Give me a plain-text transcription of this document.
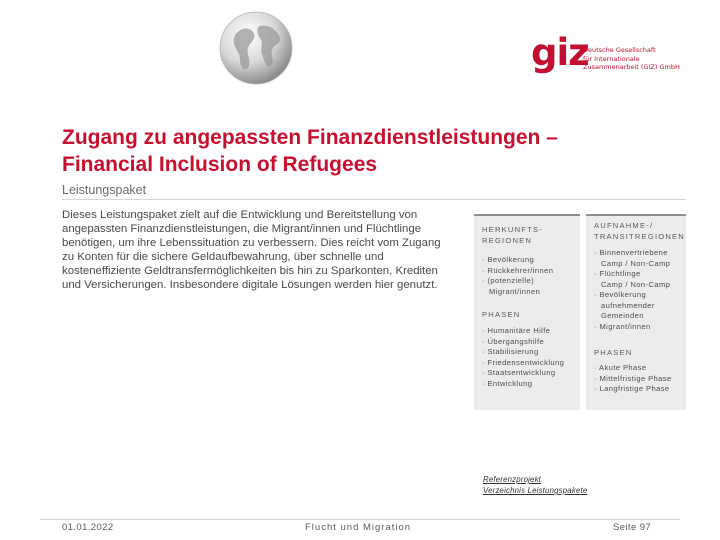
giz
Deutsche Gesellschaft
für Internationale
Zusammenarbeit (GIZ) GmbH
Zugang zu angepassten Finanzdienstleistungen –
Financial Inclusion of Refugees
Leistungspaket
Dieses Leistungspaket zielt auf die Entwicklung und Bereitstellung von angepassten Finanzdienstleistungen, die Migrant/innen und Flüchtlinge benötigen, um ihre Lebenssituation zu verbessern. Dies reicht vom Zugang zu Konten für die sichere Geldaufbewahrung, über schnelle und kosteneffiziente Geldtransfermöglichkeiten bis hin zu Sparkonten, Krediten und Versicherungen. Insbesondere digitale Lösungen werden hier genutzt.
HERKUNFTS-
REGIONEN
· Bevölkerung
· Rückkehrer/innen
· (potenzielle)
Migrant/innen
PHASEN
· Humanitäre Hilfe
· Übergangshilfe
· Stabilisierung
· Friedensentwicklung
· Staatsentwicklung
· Entwicklung
AUFNAHME-/
TRANSITREGIONEN
· Binnenvertriebene
Camp / Non-Camp
· Flüchtlinge
Camp / Non-Camp
· Bevölkerung
aufnehmender
Gemeinden
· Migrant/innen
PHASEN
· Akute Phase
· Mittelfristige Phase
· Langfristige Phase
Referenzprojekt
Verzeichnis Leistungspakete
01.01.2022	Flucht und Migration	Seite 97
